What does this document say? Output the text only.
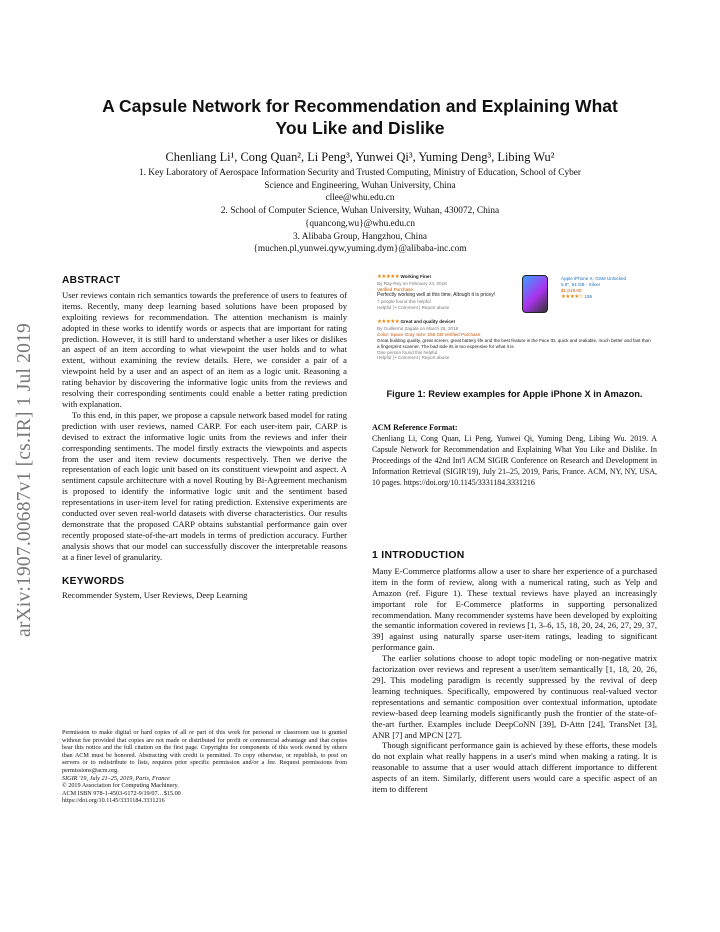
arXiv:1907.00687v1 [cs.IR] 1 Jul 2019
A Capsule Network for Recommendation and Explaining What
You Like and Dislike
Chenliang Li¹, Cong Quan², Li Peng³, Yunwei Qi³, Yuming Deng³, Libing Wu²
1. Key Laboratory of Aerospace Information Security and Trusted Computing, Ministry of Education, School of Cyber
Science and Engineering, Wuhan University, China
cllee@whu.edu.cn
2. School of Computer Science, Wuhan University, Wuhan, 430072, China
{quancong,wu}@whu.edu.cn
3. Alibaba Group, Hangzhou, China
{muchen.pl,yunwei.qyw,yuming.dym}@alibaba-inc.com
ABSTRACT

User reviews contain rich semantics towards the preference of users to features of items. Recently, many deep learning based solutions have been proposed by exploiting reviews for recommendation. The attention mechanism is mainly adopted in these works to identify words or aspects that are important for rating prediction. However, it is still hard to understand whether a user likes or dislikes an aspect of an item according to what viewpoint the user holds and to what extent, without examining the review details. Here, we consider a pair of a viewpoint held by a user and an aspect of an item as a logic unit. Reasoning a rating behavior by discovering the informative logic units from the reviews and resolving their corresponding sentiments could enable a better rating prediction with explanation.

To this end, in this paper, we propose a capsule network based model for rating prediction with user reviews, named CARP. For each user-item pair, CARP is devised to extract the informative logic units from the reviews and infer their corresponding sentiments. The model firstly extracts the viewpoints and aspects from the user and item review documents respectively. Then we derive the representation of each logic unit based on its constituent viewpoint and aspect. A sentiment capsule architecture with a novel Routing by Bi-Agreement mechanism is proposed to identify the informative logic unit and the sentiment based representations in user-item level for rating prediction. Extensive experiments are conducted over seven real-world datasets with diverse characteristics. Our results demonstrate that the proposed CARP obtains substantial performance gain over recently proposed state-of-the-art models in terms of prediction accuracy. Further analysis shows that our model can successfully discover the interpretable reasons at a finer level of granularity.

KEYWORDS
Recommender System, User Reviews, Deep Learning
Permission to make digital or hard copies of all or part of this work for personal or classroom use is granted without fee provided that copies are not made or distributed for profit or commercial advantage and that copies bear this notice and the full citation on the first page. Copyrights for components of this work owned by others than ACM must be honored. Abstracting with credit is permitted. To copy otherwise, or republish, to post on servers or to redistribute to lists, requires prior specific permission and/or a fee. Request permissions from permissions@acm.org.
SIGIR '19, July 21–25, 2019, Paris, France
© 2019 Association for Computing Machinery.
ACM ISBN 978-1-4503-6172-9/19/07…$15.00
https://doi.org/10.1145/3331184.3331216
★★★★★ Working Fine!
By Ray-Roy on February 24, 2018
Verified Purchase
Perfectly working well at this time, Altough it is pricey!
7 people found this helpful
Helpful | • Comment | Report abuse
Apple iPhone X, GSM Unlocked
5.8", 64 GB - Silver
$1,019.00
★★★★☆ 155
★★★★★ Great and quality device!
By Guillermo Zagala on March 25, 2018
Color: Space Gray Size: 256 GB Verified Purchase
Great building quality, great screen, great battery life and the best feature is the Face ID, quick and realiable, much better and fast than a fingerprint scanner. The bad side its is too expensive for what it is.
One person found this helpful
Helpful | • Comment | Report abuse
Figure 1: Review examples for Apple iPhone X in Amazon.
ACM Reference Format:
Chenliang Li, Cong Quan, Li Peng, Yunwei Qi, Yuming Deng, Libing Wu. 2019. A Capsule Network for Recommendation and Explaining What You Like and Dislike. In Proceedings of the 42nd Int'l ACM SIGIR Conference on Research and Development in Information Retrieval (SIGIR'19), July 21–25, 2019, Paris, France. ACM, NY, NY, USA, 10 pages. https://doi.org/10.1145/3331184.3331216
1 INTRODUCTION

Many E-Commerce platforms allow a user to share her experience of a purchased item in the form of review, along with a numerical rating, such as Yelp and Amazon (ref. Figure 1). These textual reviews have played an increasingly important role for E-Commerce platforms in supporting personalized recommendation. Many recommender systems have been developed by exploiting the semantic information covered in reviews [1, 3–6, 15, 18, 20, 24, 26, 27, 29, 37, 39] against using naturally sparse user-item ratings, leading to significant performance gain.

The earlier solutions choose to adopt topic modeling or non-negative matrix factorization over reviews and represent a user/item semantically [1, 18, 20, 26, 29]. This modeling paradigm is recently suppressed by the revival of deep learning techniques. Specifically, empowered by continuous real-valued vector representations and semantic composition over contextual information, uptodate review-based deep learning models significantly push the frontier of the state-of-the-art further. Examples include DeepCoNN [39], D-Attn [24], TransNet [3], ANR [7] and MPCN [27].

Though significant performance gain is achieved by these efforts, these models do not explain what really happens in a user's mind when making a rating. It is reasonable to assume that a user would attach different importance to different aspects of an item. Similarly, different users would care a specific aspect of an item to different
